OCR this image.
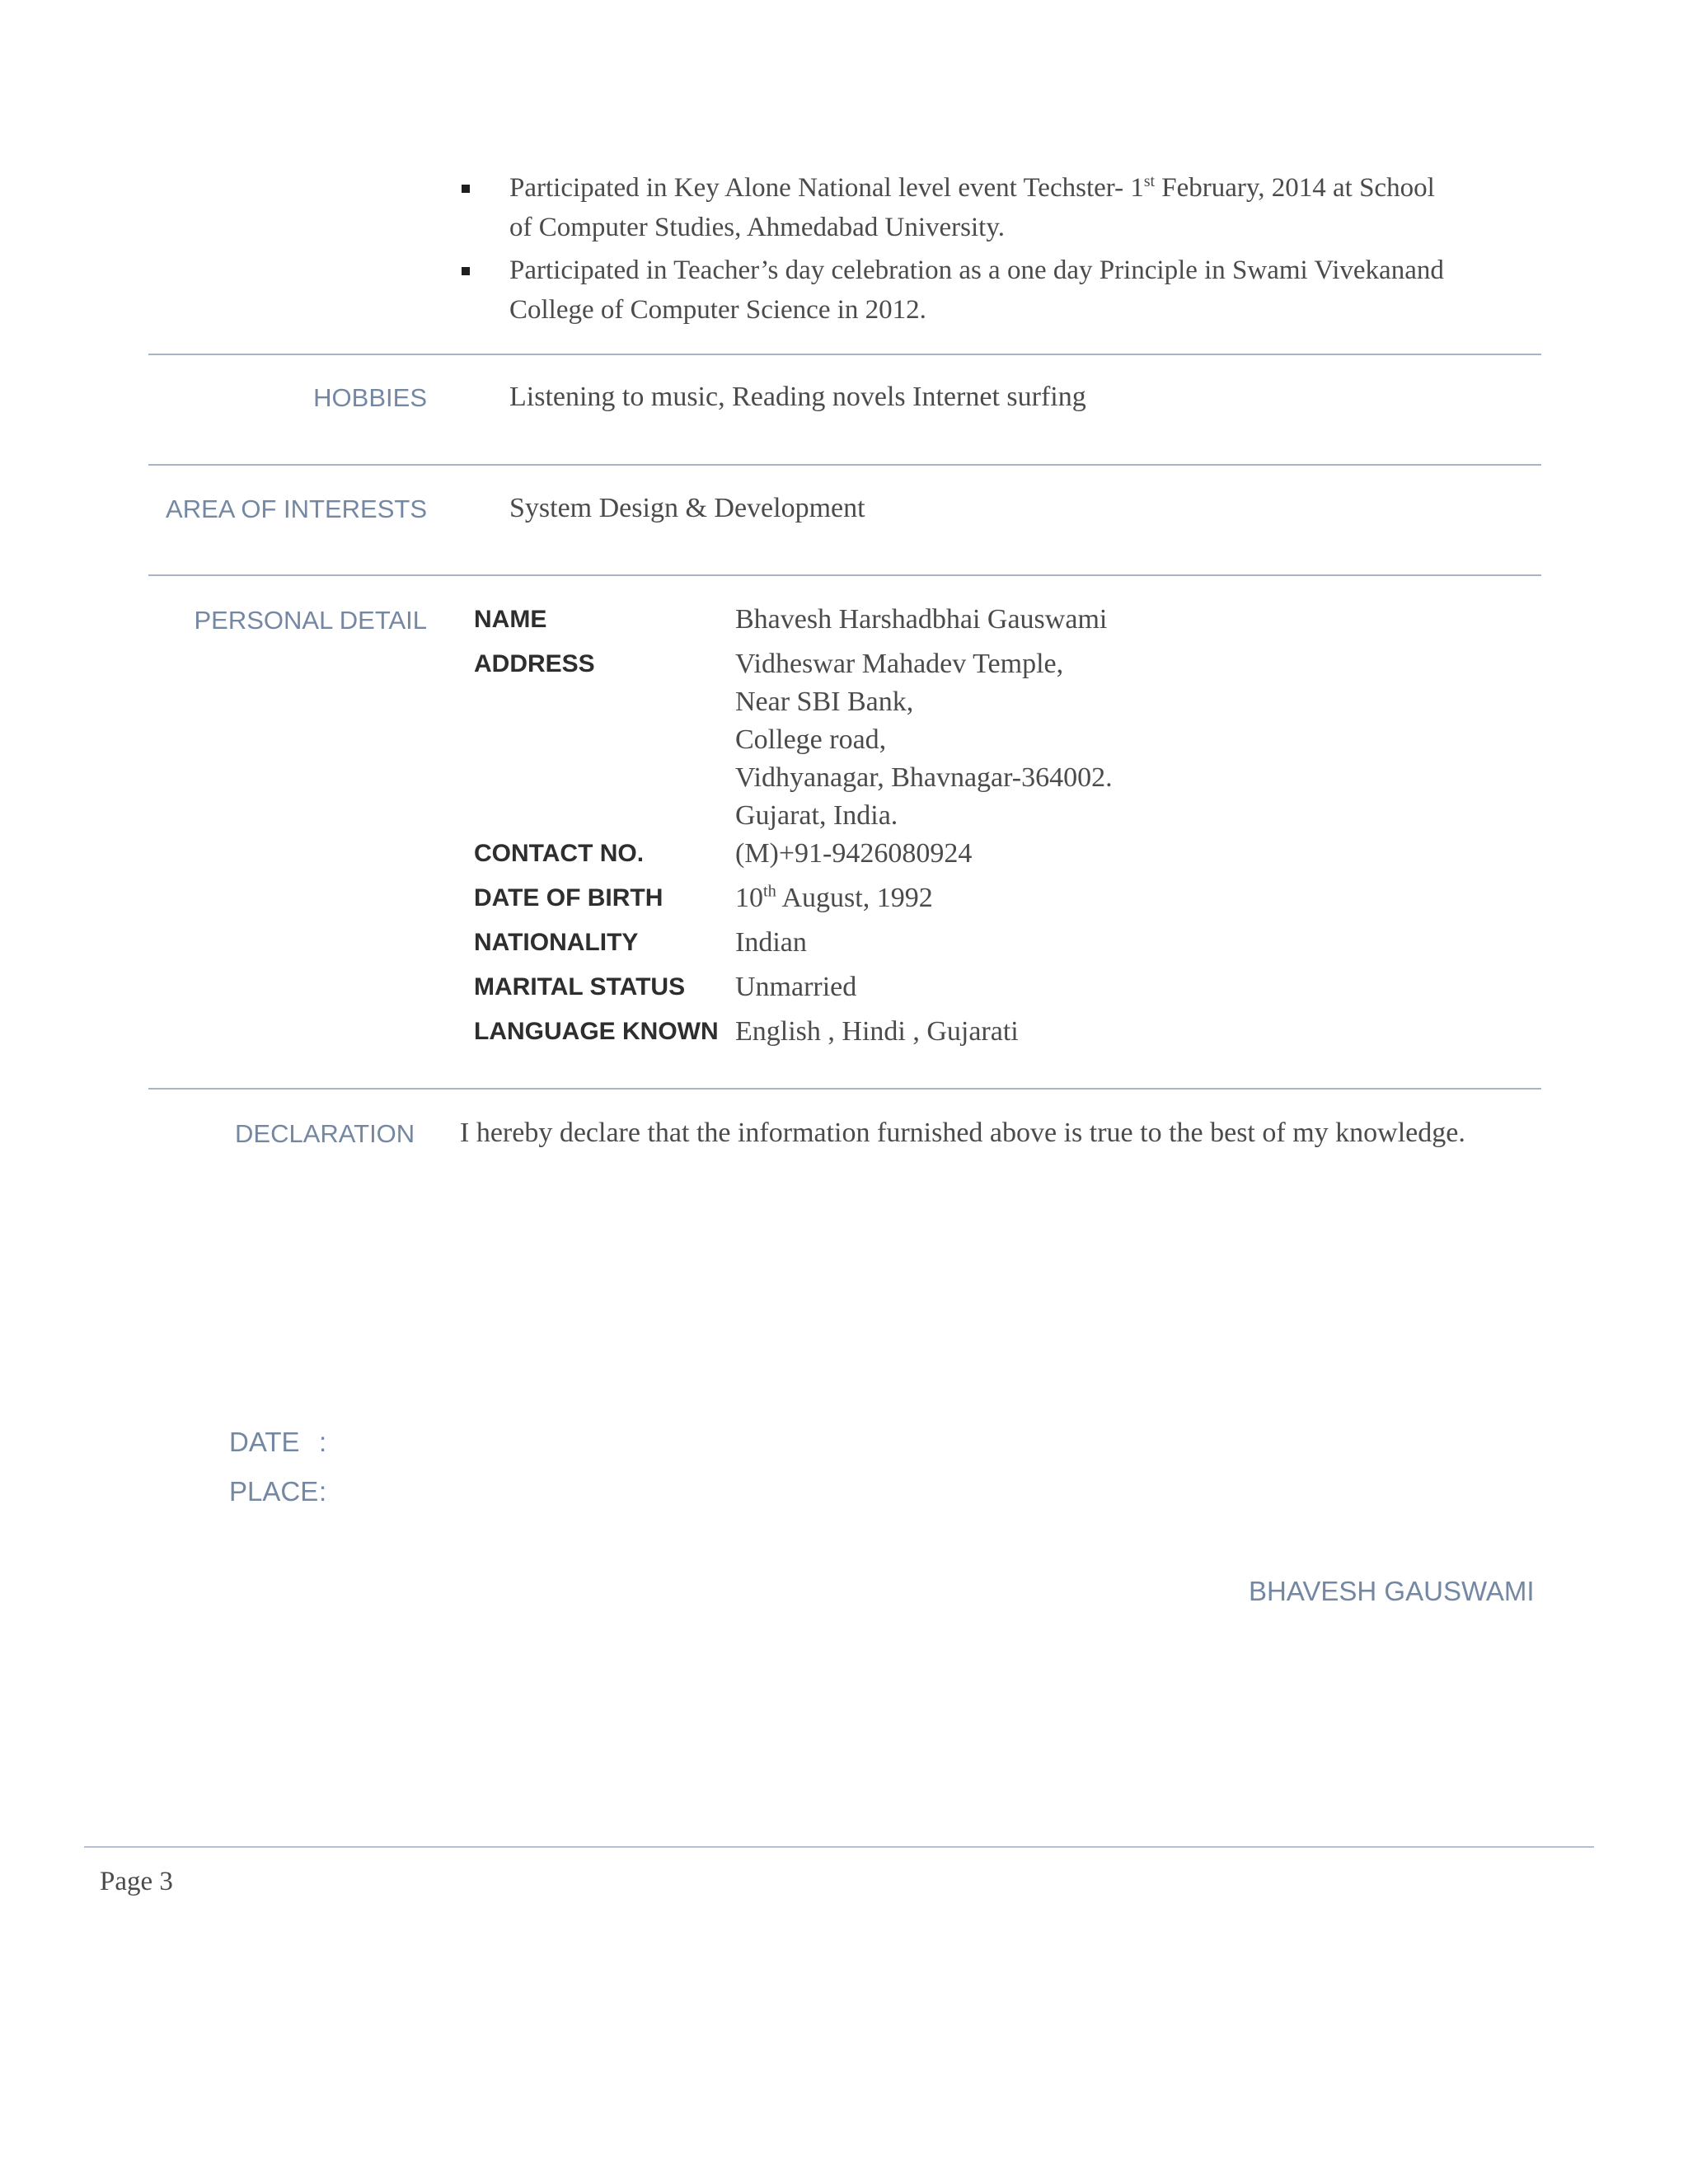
Participated in Key Alone National level event Techster- 1st February, 2014 at School
of Computer Studies, Ahmedabad University.
Participated in Teacher’s day celebration as a one day Principle in Swami Vivekanand
College of Computer Science in 2012.
HOBBIES	Listening to music, Reading novels Internet surfing
AREA OF INTERESTS	System Design & Development
PERSONAL DETAIL NAME	Bhavesh Harshadbhai Gauswami
ADDRESS	Vidheswar Mahadev Temple,
Near SBI Bank,
College road,
Vidhyanagar, Bhavnagar-364002.
Gujarat, India.
CONTACT NO.	(M)+91-9426080924
DATE OF BIRTH	10th August, 1992
NATIONALITY	Indian
MARITAL STATUS Unmarried
LANGUAGE KNOWN English , Hindi , Gujarati
DECLARATION I hereby declare that the information furnished above is true to the best of my knowledge.
DATE :
PLACE :
BHAVESH GAUSWAMI
Page 3
